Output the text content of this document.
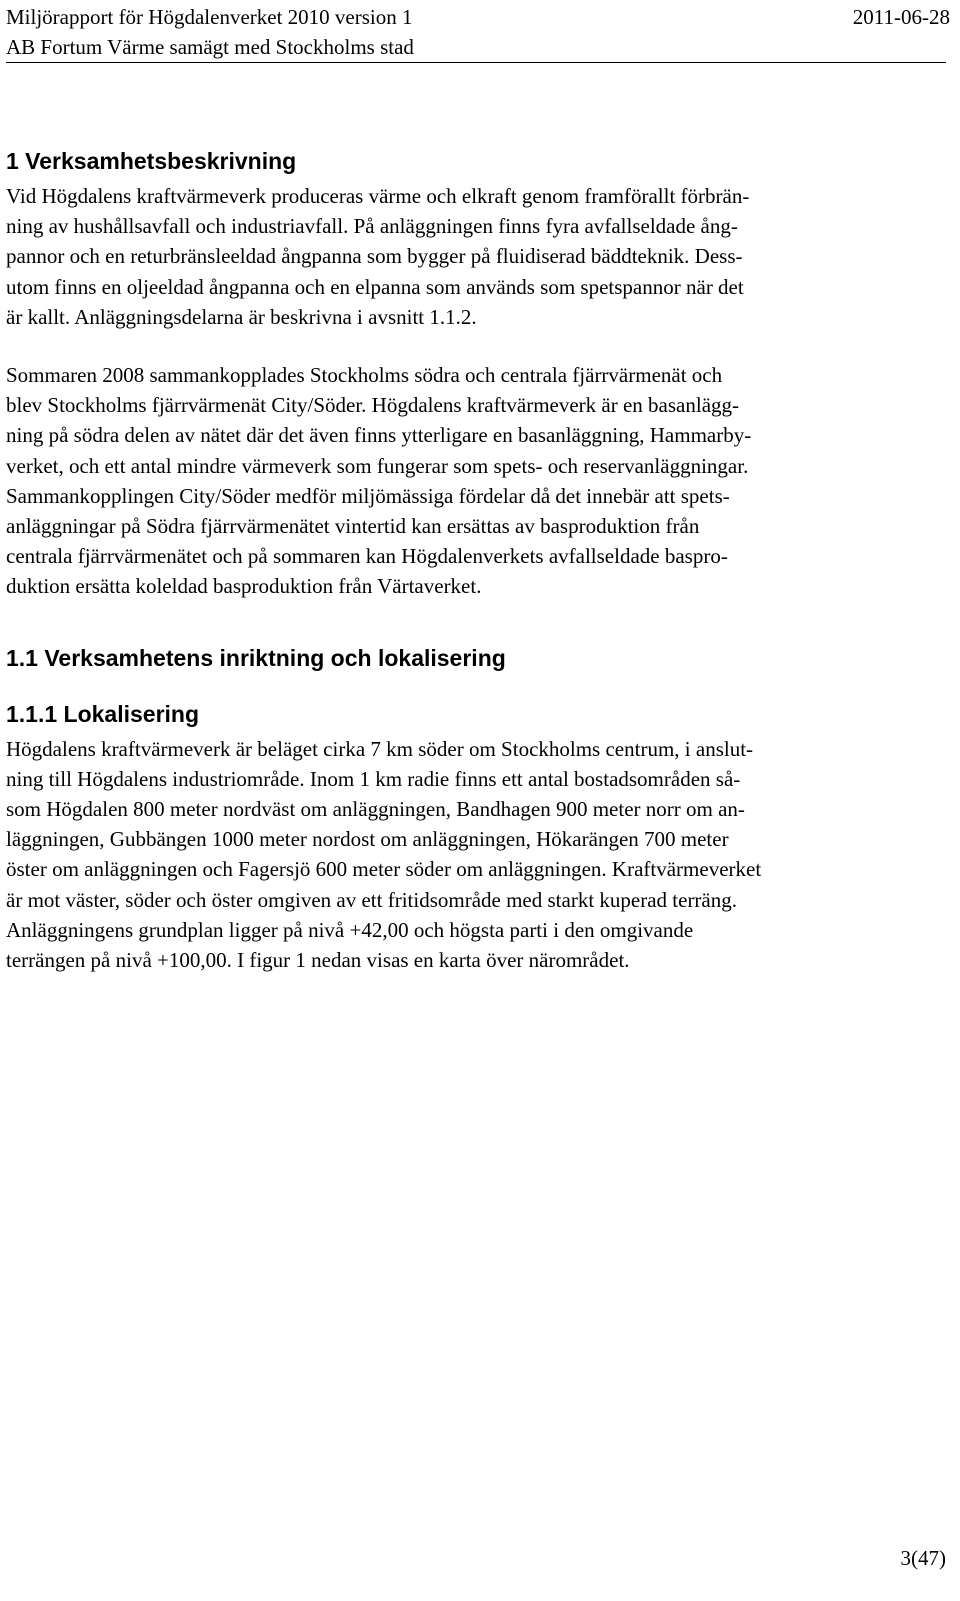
Miljörapport för Högdalenverket 2010 version 1	2011-06-28
AB Fortum Värme samägt med Stockholms stad
1 Verksamhetsbeskrivning

Vid Högdalens kraftvärmeverk produceras värme och elkraft genom framförallt förbrän-
ning av hushållsavfall och industriavfall. På anläggningen finns fyra avfallseldade ång-
pannor och en returbränsleeldad ångpanna som bygger på fluidiserad bäddteknik. Dess-
utom finns en oljeeldad ångpanna och en elpanna som används som spetspannor när det
är kallt. Anläggningsdelarna är beskrivna i avsnitt 1.1.2.

Sommaren 2008 sammankopplades Stockholms södra och centrala fjärrvärmenät och
blev Stockholms fjärrvärmenät City/Söder. Högdalens kraftvärmeverk är en basanlägg-
ning på södra delen av nätet där det även finns ytterligare en basanläggning, Hammarby-
verket, och ett antal mindre värmeverk som fungerar som spets- och reservanläggningar.
Sammankopplingen City/Söder medför miljömässiga fördelar då det innebär att spets-
anläggningar på Södra fjärrvärmenätet vintertid kan ersättas av basproduktion från
centrala fjärrvärmenätet och på sommaren kan Högdalenverkets avfallseldade baspro-
duktion ersätta koleldad basproduktion från Värtaverket.

1.1 Verksamhetens inriktning och lokalisering
1.1.1 Lokalisering

Högdalens kraftvärmeverk är beläget cirka 7 km söder om Stockholms centrum, i anslut-
ning till Högdalens industriområde. Inom 1 km radie finns ett antal bostadsområden så-
som Högdalen 800 meter nordväst om anläggningen, Bandhagen 900 meter norr om an-
läggningen, Gubbängen 1000 meter nordost om anläggningen, Hökarängen 700 meter
öster om anläggningen och Fagersjö 600 meter söder om anläggningen. Kraftvärmeverket
är mot väster, söder och öster omgiven av ett fritidsområde med starkt kuperad terräng.
Anläggningens grundplan ligger på nivå +42,00 och högsta parti i den omgivande
terrängen på nivå +100,00. I figur 1 nedan visas en karta över närområdet.

3(47)
